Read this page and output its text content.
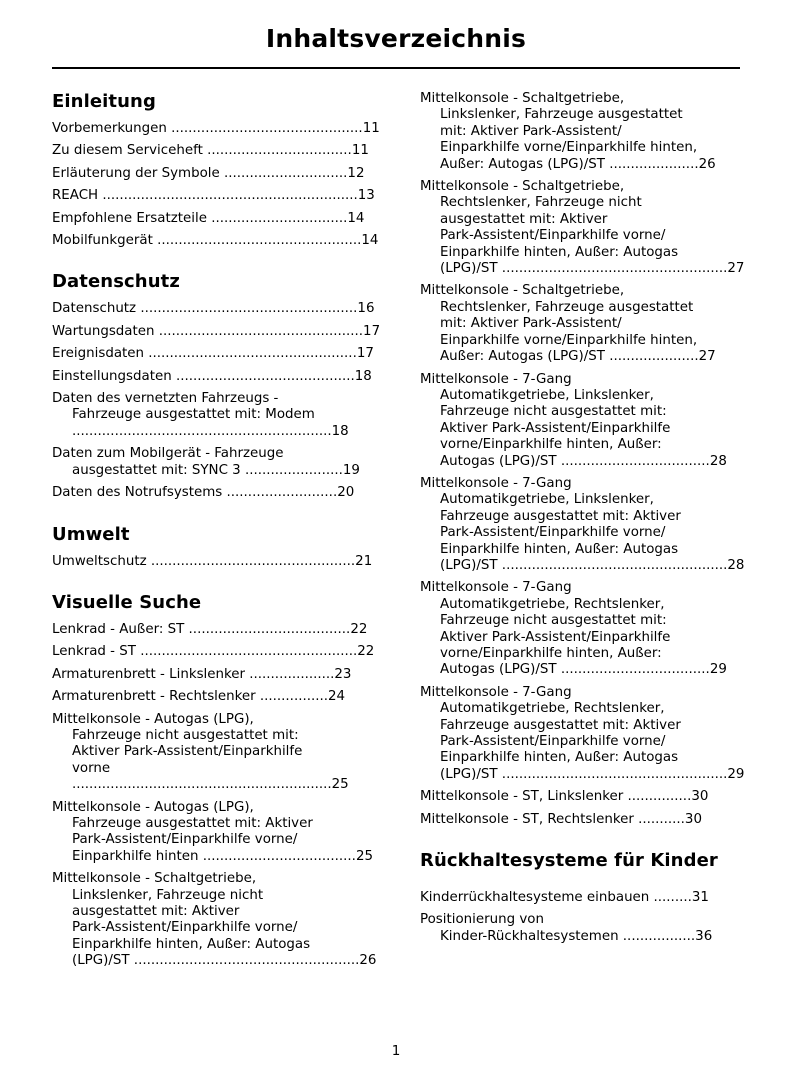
Inhaltsverzeichnis
Einleitung
Vorbemerkungen .............................................11
Zu diesem Serviceheft ..................................11
Erläuterung der Symbole .............................12
REACH ............................................................13
Empfohlene Ersatzteile ................................14
Mobilfunkgerät ................................................14
Datenschutz
Datenschutz ...................................................16
Wartungsdaten ................................................17
Ereignisdaten .................................................17
Einstellungsdaten ..........................................18
Daten des vernetzten Fahrzeugs -
Fahrzeuge ausgestattet mit: Modem
.............................................................18
Daten zum Mobilgerät - Fahrzeuge
ausgestattet mit: SYNC 3 .......................19
Daten des Notrufsystems ..........................20
Umwelt
Umweltschutz ................................................21
Visuelle Suche
Lenkrad - Außer: ST ......................................22
Lenkrad - ST ...................................................22
Armaturenbrett - Linkslenker ....................23
Armaturenbrett - Rechtslenker ................24
Mittelkonsole - Autogas (LPG),
Fahrzeuge nicht ausgestattet mit:
Aktiver Park-Assistent/Einparkhilfe
vorne .............................................................25
Mittelkonsole - Autogas (LPG),
Fahrzeuge ausgestattet mit: Aktiver
Park-Assistent/Einparkhilfe vorne/
Einparkhilfe hinten ....................................25
Mittelkonsole - Schaltgetriebe,
Linkslenker, Fahrzeuge nicht
ausgestattet mit: Aktiver
Park-Assistent/Einparkhilfe vorne/
Einparkhilfe hinten, Außer: Autogas
(LPG)/ST .....................................................26
Mittelkonsole - Schaltgetriebe,
Linkslenker, Fahrzeuge ausgestattet
mit: Aktiver Park-Assistent/
Einparkhilfe vorne/Einparkhilfe hinten,
Außer: Autogas (LPG)/ST .....................26
Mittelkonsole - Schaltgetriebe,
Rechtslenker, Fahrzeuge nicht
ausgestattet mit: Aktiver
Park-Assistent/Einparkhilfe vorne/
Einparkhilfe hinten, Außer: Autogas
(LPG)/ST .....................................................27
Mittelkonsole - Schaltgetriebe,
Rechtslenker, Fahrzeuge ausgestattet
mit: Aktiver Park-Assistent/
Einparkhilfe vorne/Einparkhilfe hinten,
Außer: Autogas (LPG)/ST .....................27
Mittelkonsole - 7-Gang
Automatikgetriebe, Linkslenker,
Fahrzeuge nicht ausgestattet mit:
Aktiver Park-Assistent/Einparkhilfe
vorne/Einparkhilfe hinten, Außer:
Autogas (LPG)/ST ...................................28
Mittelkonsole - 7-Gang
Automatikgetriebe, Linkslenker,
Fahrzeuge ausgestattet mit: Aktiver
Park-Assistent/Einparkhilfe vorne/
Einparkhilfe hinten, Außer: Autogas
(LPG)/ST .....................................................28
Mittelkonsole - 7-Gang
Automatikgetriebe, Rechtslenker,
Fahrzeuge nicht ausgestattet mit:
Aktiver Park-Assistent/Einparkhilfe
vorne/Einparkhilfe hinten, Außer:
Autogas (LPG)/ST ...................................29
Mittelkonsole - 7-Gang
Automatikgetriebe, Rechtslenker,
Fahrzeuge ausgestattet mit: Aktiver
Park-Assistent/Einparkhilfe vorne/
Einparkhilfe hinten, Außer: Autogas
(LPG)/ST .....................................................29
Mittelkonsole - ST, Linkslenker ...............30
Mittelkonsole - ST, Rechtslenker ...........30
Rückhaltesysteme für Kinder
Kinderrückhaltesysteme einbauen .........31
Positionierung von
Kinder-Rückhaltesystemen .................36
1
